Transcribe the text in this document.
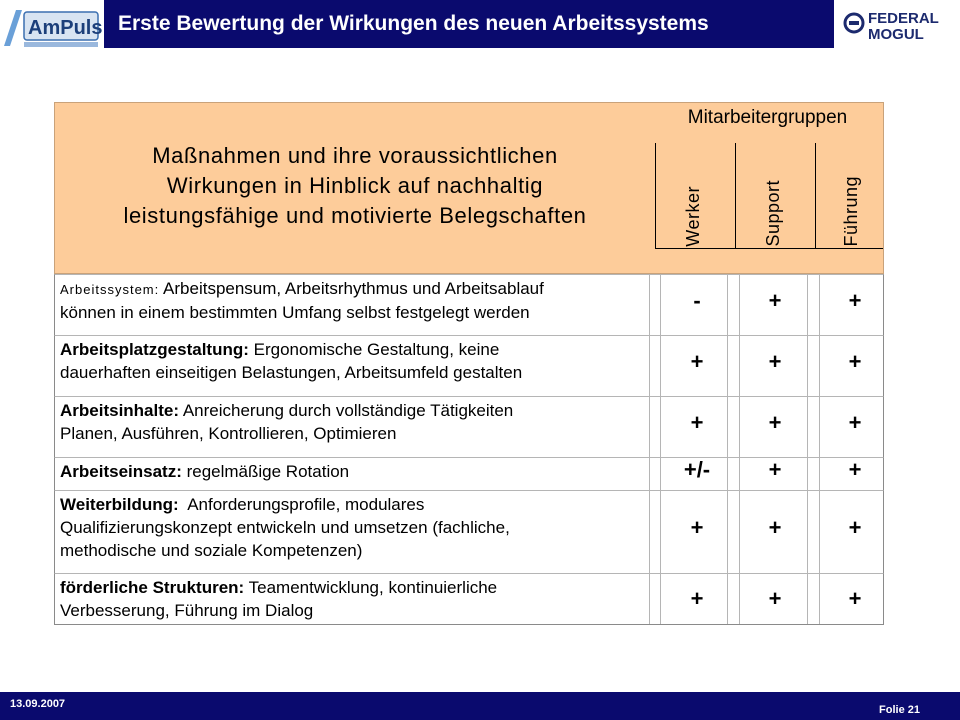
AmPuls Erste Bewertung der Wirkungen des neuen Arbeitssystems	FEDERAL
MOGUL
Maßnahmen und ihre voraussichtlichen
Wirkungen in Hinblick auf nachhaltig
leistungsfähige und motivierte Belegschaften
Mitarbeitergruppen
Werker	Support	Führung
Arbeitssystem: Arbeitspensum, Arbeitsrhythmus und Arbeitsablauf
können in einem bestimmten Umfang selbst festgelegt werden	-	+	+
Arbeitsplatzgestaltung: Ergonomische Gestaltung, keine
dauerhaften einseitigen Belastungen, Arbeitsumfeld gestalten	+	+	+
Arbeitsinhalte: Anreicherung durch vollständige Tätigkeiten
Planen, Ausführen, Kontrollieren, Optimieren	+	+	+
Arbeitseinsatz: regelmäßige Rotation	+/-	+	+
Weiterbildung:  Anforderungsprofile, modulares
Qualifizierungskonzept entwickeln und umsetzen (fachliche,
methodische und soziale Kompetenzen)
+	+	+
förderliche Strukturen: Teamentwicklung, kontinuierliche
Verbesserung, Führung im Dialog	+	+	+
13.09.2007	Folie 21
